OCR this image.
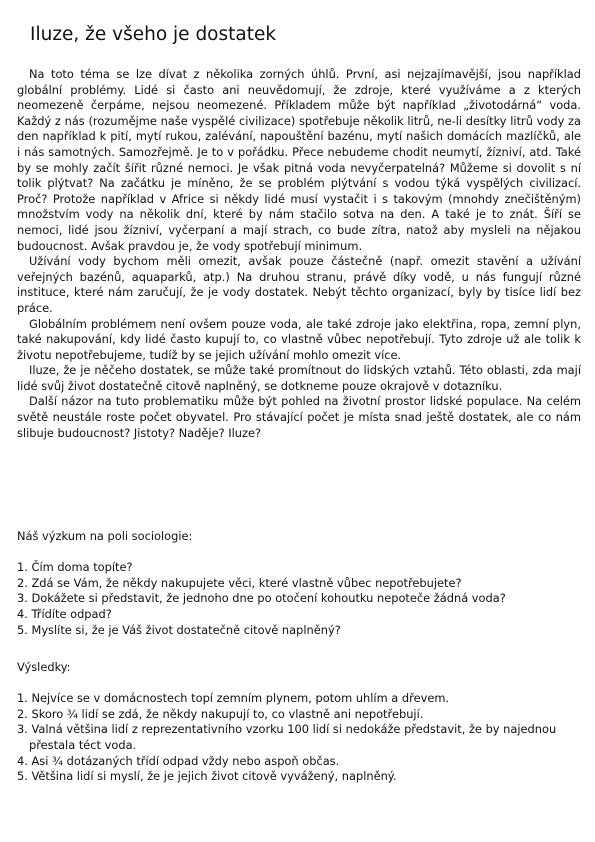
Iluze, že všeho je dostatek

Na toto téma se lze dívat z několika zorných úhlů. První, asi nejzajímavější, jsou například globální problémy. Lidé si často ani neuvědomují, že zdroje, které využíváme a z kterých neomezeně čerpáme, nejsou neomezené. Příkladem může být například „životodárná“ voda. Každý z nás (rozumějme naše vyspělé civilizace) spotřebuje několik litrů, ne-li desítky litrů vody za den například k pití, mytí rukou, zalévání, napouštění bazénu, mytí našich domácích mazlíčků, ale i nás samotných. Samozřejmě. Je to v pořádku. Přece nebudeme chodit neumytí, žízniví, atd. Také by se mohly začít šířit různé nemoci. Je však pitná voda nevyčerpatelná? Můžeme si dovolit s ní tolik plýtvat? Na začátku je míněno, že se problém plýtvání s vodou týká vyspělých civilizací. Proč? Protože například v Africe si někdy lidé musí vystačit i s takovým (mnohdy znečištěným) množstvím vody na několik dní, které by nám stačilo sotva na den. A také je to znát. Šíří se nemoci, lidé jsou žízniví, vyčerpaní a mají strach, co bude zítra, natož aby mysleli na nějakou budoucnost. Avšak pravdou je, že vody spotřebují minimum.

Užívání vody bychom měli omezit, avšak pouze částečně (např. omezit stavění a užívání veřejných bazénů, aquaparků, atp.) Na druhou stranu, právě díky vodě, u nás fungují různé instituce, které nám zaručují, že je vody dostatek. Nebýt těchto organizací, byly by tisíce lidí bez práce.

Globálním problémem není ovšem pouze voda, ale také zdroje jako elektřina, ropa, zemní plyn, také nakupování, kdy lidé často kupují to, co vlastně vůbec nepotřebují. Tyto zdroje už ale tolik k životu nepotřebujeme, tudíž by se jejich užívání mohlo omezit více.

Iluze, že je něčeho dostatek, se může také promítnout do lidských vztahů. Této oblasti, zda mají lidé svůj život dostatečně citově naplněný, se dotkneme pouze okrajově v dotazníku.

Další názor na tuto problematiku může být pohled na životní prostor lidské populace. Na celém světě neustále roste počet obyvatel. Pro stávající počet je místa snad ještě dostatek, ale co nám slibuje budoucnost? Jistoty? Naděje? Iluze?

Náš výzkum na poli sociologie:

1. Čím doma topíte?
2. Zdá se Vám, že někdy nakupujete věci, které vlastně vůbec nepotřebujete?
3. Dokážete si představit, že jednoho dne po otočení kohoutku nepoteče žádná voda?
4. Třídíte odpad?
5. Myslíte si, že je Váš život dostatečně citově naplněný?

Výsledky:

1. Nejvíce se v domácnostech topí zemním plynem, potom uhlím a dřevem.
2. Skoro ¾ lidí se zdá, že někdy nakupují to, co vlastně ani nepotřebují.
3. Valná většina lidí z reprezentativního vzorku 100 lidí si nedokáže představit, že by najednou přestala téct voda.
4. Asi ¾ dotázaných třídí odpad vždy nebo aspoň občas.
5. Většina lidí si myslí, že je jejich život citově vyvážený, naplněný.
